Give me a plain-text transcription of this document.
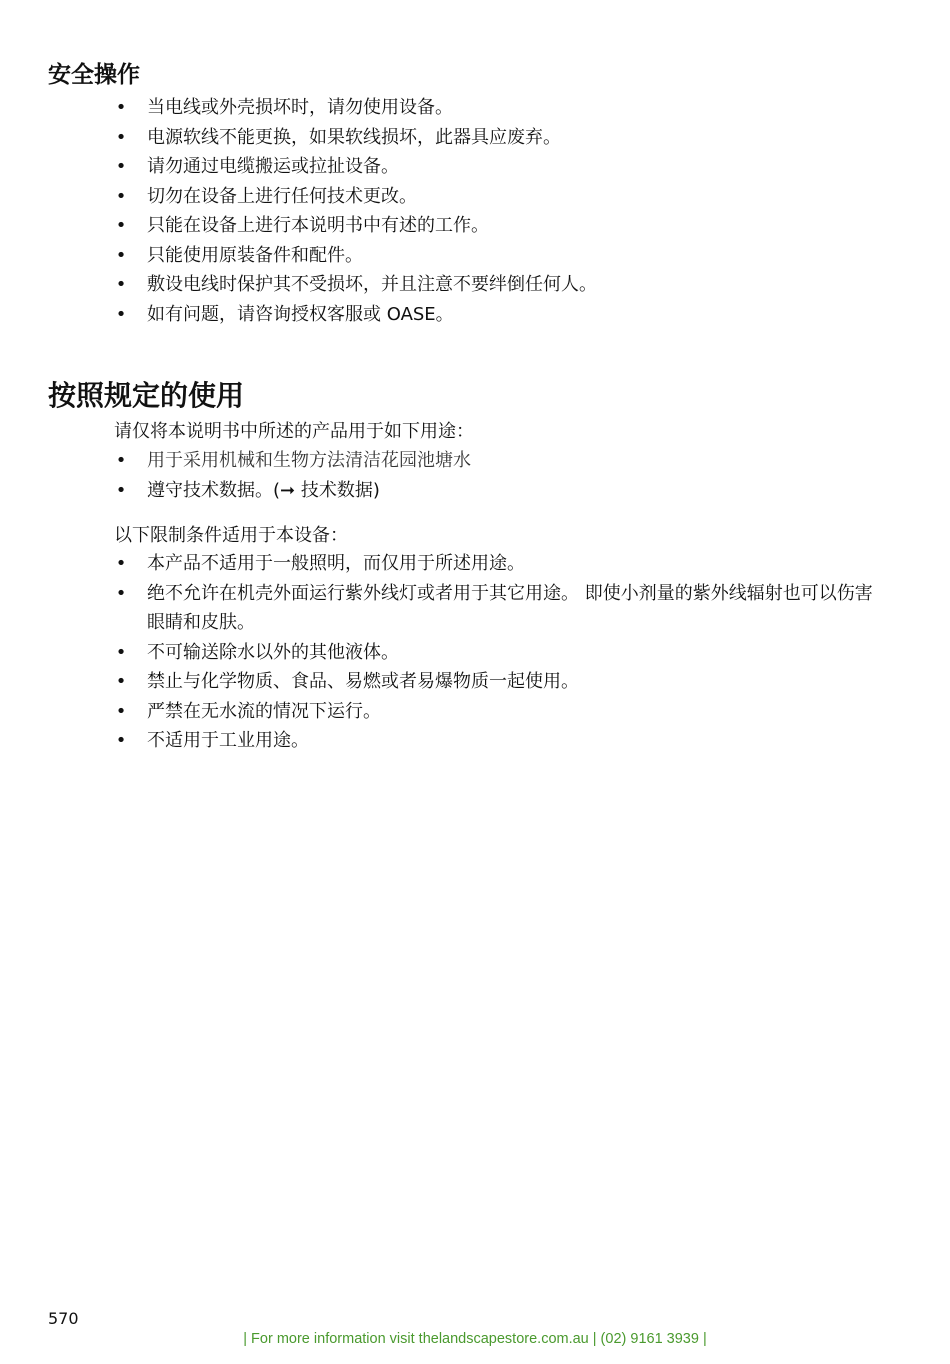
安全操作
• 当电线或外壳损坏时，请勿使用设备。
• 电源软线不能更换，如果软线损坏，此器具应废弃。
• 请勿通过电缆搬运或拉扯设备。
• 切勿在设备上进行任何技术更改。
• 只能在设备上进行本说明书中有述的工作。
• 只能使用原装备件和配件。
• 敷设电线时保护其不受损坏，并且注意不要绊倒任何人。
• 如有问题，请咨询授权客服或 OASE。
按照规定的使用

请仅将本说明书中所述的产品用于如下用途：

• 用于采用机械和生物方法清洁花园池塘水
• 遵守技术数据。(➞ 技术数据)

以下限制条件适用于本设备：

• 本产品不适用于一般照明，而仅用于所述用途。
• 绝不允许在机壳外面运行紫外线灯或者用于其它用途。 即使小剂量的紫外线辐射也可以伤害眼睛和皮肤。
• 不可输送除水以外的其他液体。
• 禁止与化学物质、食品、易燃或者易爆物质一起使用。
• 严禁在无水流的情况下运行。
• 不适用于工业用途。

570

| For more information visit thelandscapestore.com.au | (02) 9161 3939 |
